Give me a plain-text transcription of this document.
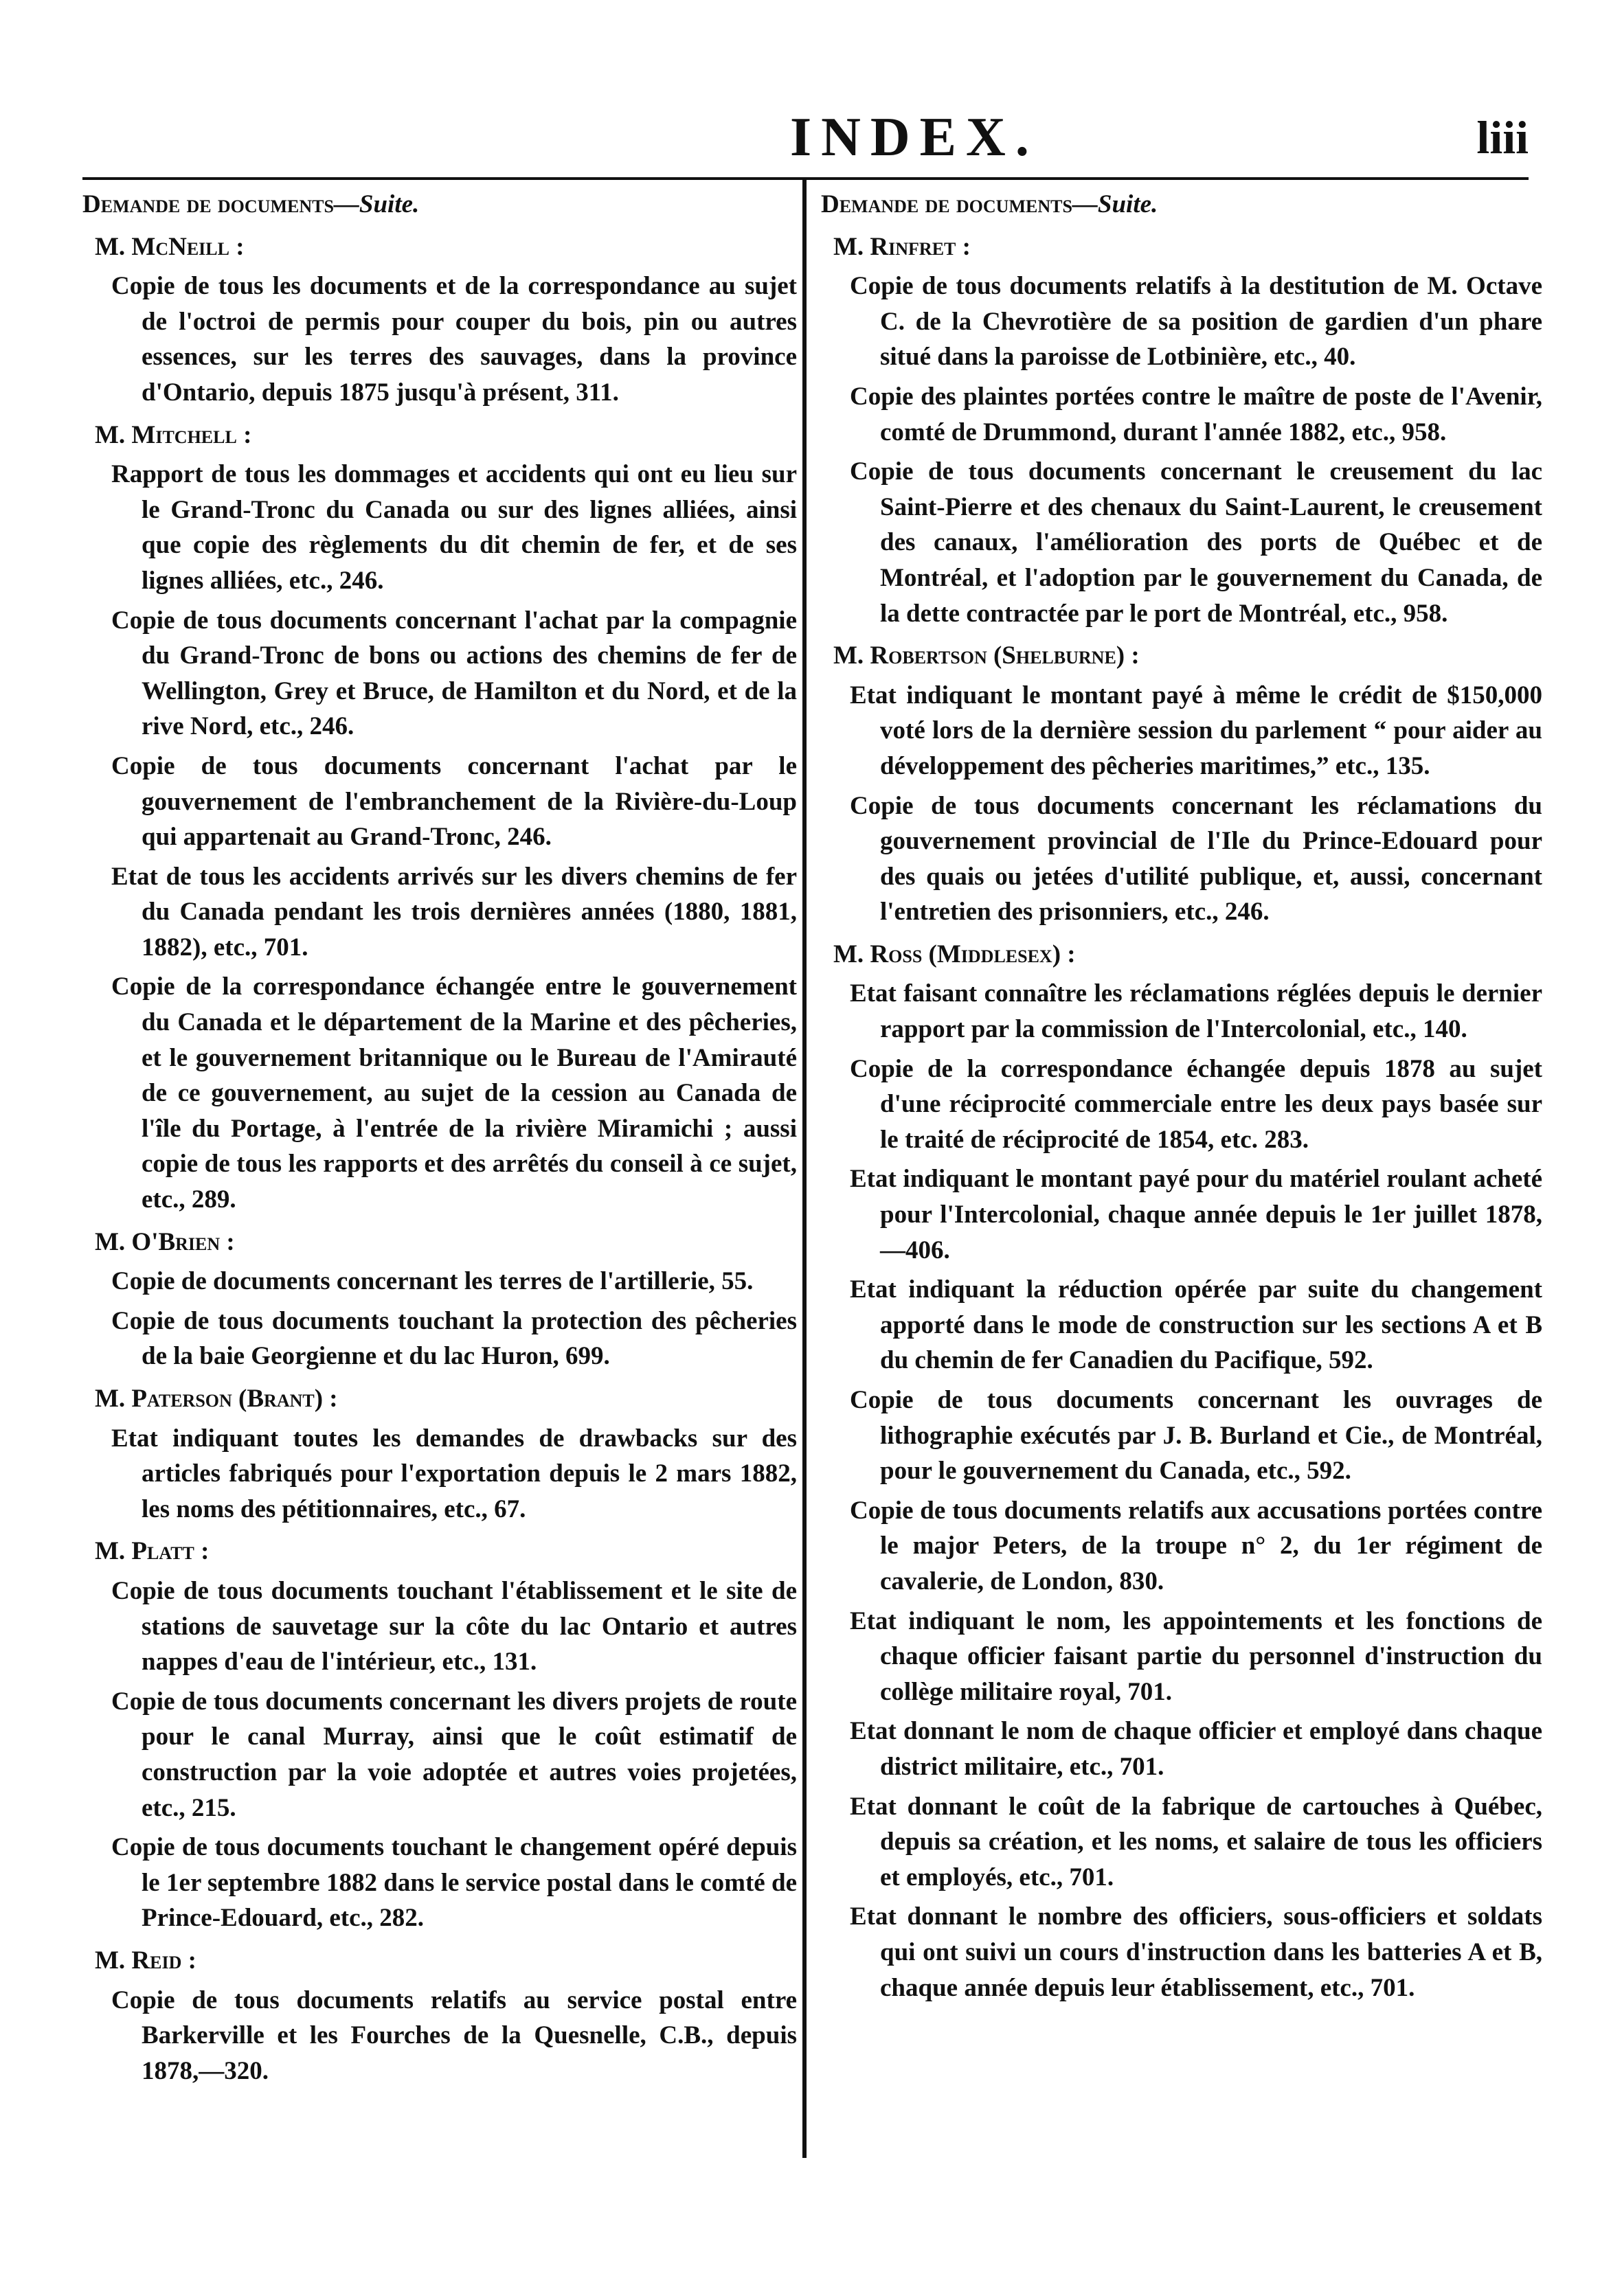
INDEX.	liii
Demande de documents—Suite.
M. McNeill :
Copie de tous les documents et de la correspondance au sujet de l'octroi de permis pour couper du bois, pin ou autres essences, sur les terres des sauvages, dans la province d'Ontario, depuis 1875 jusqu'à présent, 311.
M. Mitchell :
Rapport de tous les dommages et accidents qui ont eu lieu sur le Grand-Tronc du Canada ou sur des lignes alliées, ainsi que copie des règlements du dit chemin de fer, et de ses lignes alliées, etc., 246.
Copie de tous documents concernant l'achat par la compagnie du Grand-Tronc de bons ou actions des chemins de fer de Wellington, Grey et Bruce, de Hamilton et du Nord, et de la rive Nord, etc., 246.
Copie de tous documents concernant l'achat par le gouvernement de l'embranchement de la Rivière-du-Loup qui appartenait au Grand-Tronc, 246.
Etat de tous les accidents arrivés sur les divers chemins de fer du Canada pendant les trois dernières années (1880, 1881, 1882), etc., 701.
Copie de la correspondance échangée entre le gouvernement du Canada et le département de la Marine et des pêcheries, et le gouvernement britannique ou le Bureau de l'Amirauté de ce gouvernement, au sujet de la cession au Canada de l'île du Portage, à l'entrée de la rivière Miramichi ; aussi copie de tous les rapports et des arrêtés du conseil à ce sujet, etc., 289.
M. O'Brien :
Copie de documents concernant les terres de l'artillerie, 55.
Copie de tous documents touchant la protection des pêcheries de la baie Georgienne et du lac Huron, 699.
M. Paterson (Brant) :
Etat indiquant toutes les demandes de drawbacks sur des articles fabriqués pour l'exportation depuis le 2 mars 1882, les noms des pétitionnaires, etc., 67.
M. Platt :
Copie de tous documents touchant l'établissement et le site de stations de sauvetage sur la côte du lac Ontario et autres nappes d'eau de l'intérieur, etc., 131.
Copie de tous documents concernant les divers projets de route pour le canal Murray, ainsi que le coût estimatif de construction par la voie adoptée et autres voies projetées, etc., 215.
Copie de tous documents touchant le changement opéré depuis le 1er septembre 1882 dans le service postal dans le comté de Prince-Edouard, etc., 282.
M. Reid :
Copie de tous documents relatifs au service postal entre Barkerville et les Fourches de la Quesnelle, C.B., depuis 1878,—320.
Demande de documents—Suite.
M. Rinfret :
Copie de tous documents relatifs à la destitution de M. Octave C. de la Chevrotière de sa position de gardien d'un phare situé dans la paroisse de Lotbinière, etc., 40.
Copie des plaintes portées contre le maître de poste de l'Avenir, comté de Drummond, durant l'année 1882, etc., 958.
Copie de tous documents concernant le creusement du lac Saint-Pierre et des chenaux du Saint-Laurent, le creusement des canaux, l'amélioration des ports de Québec et de Montréal, et l'adoption par le gouvernement du Canada, de la dette contractée par le port de Montréal, etc., 958.
M. Robertson (Shelburne) :
Etat indiquant le montant payé à même le crédit de $150,000 voté lors de la dernière session du parlement “ pour aider au développement des pêcheries maritimes,” etc., 135.
Copie de tous documents concernant les réclamations du gouvernement provincial de l'Ile du Prince-Edouard pour des quais ou jetées d'utilité publique, et, aussi, concernant l'entretien des prisonniers, etc., 246.
M. Ross (Middlesex) :
Etat faisant connaître les réclamations réglées depuis le dernier rapport par la commission de l'Intercolonial, etc., 140.
Copie de la correspondance échangée depuis 1878 au sujet d'une réciprocité commerciale entre les deux pays basée sur le traité de réciprocité de 1854, etc. 283.
Etat indiquant le montant payé pour du matériel roulant acheté pour l'Intercolonial, chaque année depuis le 1er juillet 1878,—406.
Etat indiquant la réduction opérée par suite du changement apporté dans le mode de construction sur les sections A et B du chemin de fer Canadien du Pacifique, 592.
Copie de tous documents concernant les ouvrages de lithographie exécutés par J. B. Burland et Cie., de Montréal, pour le gouvernement du Canada, etc., 592.
Copie de tous documents relatifs aux accusations portées contre le major Peters, de la troupe n° 2, du 1er régiment de cavalerie, de London, 830.
Etat indiquant le nom, les appointements et les fonctions de chaque officier faisant partie du personnel d'instruction du collège militaire royal, 701.
Etat donnant le nom de chaque officier et employé dans chaque district militaire, etc., 701.
Etat donnant le coût de la fabrique de cartouches à Québec, depuis sa création, et les noms, et salaire de tous les officiers et employés, etc., 701.
Etat donnant le nombre des officiers, sous-officiers et soldats qui ont suivi un cours d'instruction dans les batteries A et B, chaque année depuis leur établissement, etc., 701.
